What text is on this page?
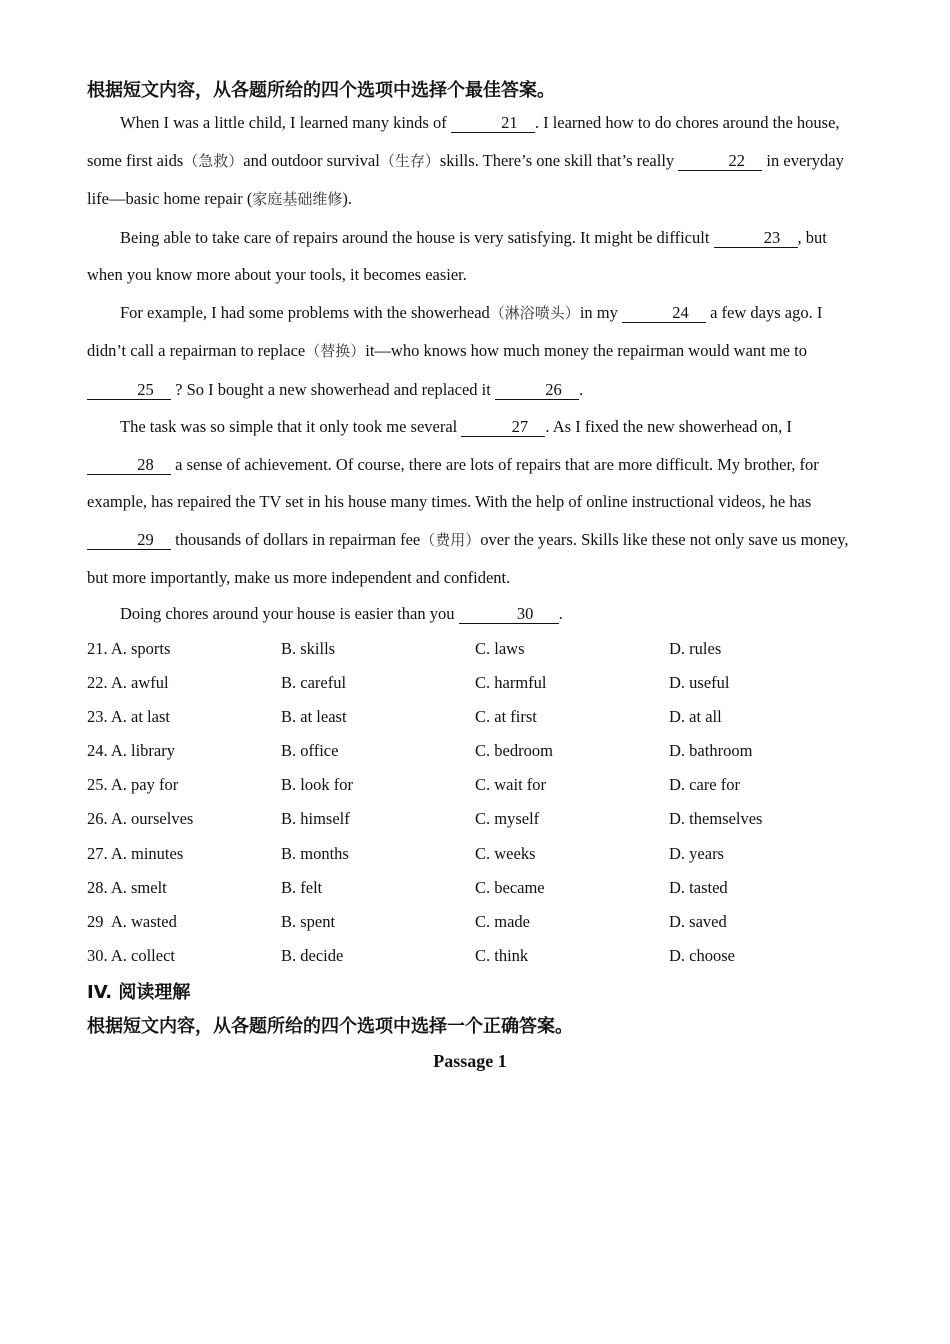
根据短文内容，从各题所给的四个选项中选择个最佳答案。

When I was a little child, I learned many kinds of	21 . I learned how to do chores around the house, some first aids（急救）and outdoor survival（生存）skills. There’s one skill that’s really	22 in everyday life—basic home repair (家庭基础维修).

Being able to take care of repairs around the house is very satisfying. It might be difficult	23 , but when you know more about your tools, it becomes easier.

For example, I had some problems with the showerhead（淋浴喷头）in my	24 a few days ago. I didn’t call a repairman to replace（替换）it—who knows how much money the repairman would want me to 25 ? So I bought a new showerhead and replaced it	26 .

The task was so simple that it only took me several	27 . As I fixed the new showerhead on, I 28 a sense of achievement. Of course, there are lots of repairs that are more difficult. My brother, for example, has repaired the TV set in his house many times. With the help of online instructional videos, he has 29 thousands of dollars in repairman fee（费用）over the years. Skills like these not only save us money, but more importantly, make us more independent and confident.

Doing chores around your house is easier than you	30 .

21. A. sports	B. skills	C. laws	D. rules
22. A. awful	B. careful	C. harmful	D. useful
23. A. at last	B. at least	C. at first	D. at all
24. A. library	B. office	C. bedroom	D. bathroom
25. A. pay for	B. look for	C. wait for	D. care for
26. A. ourselves	B. himself	C. myself	D. themselves
27. A. minutes	B. months	C. weeks	D. years
28. A. smelt	B. felt	C. became	D. tasted
29  A. wasted	B. spent	C. made	D. saved
30. A. collect	B. decide	C. think	D. choose
IV. 阅读理解
根据短文内容，从各题所给的四个选项中选择一个正确答案。
Passage 1
